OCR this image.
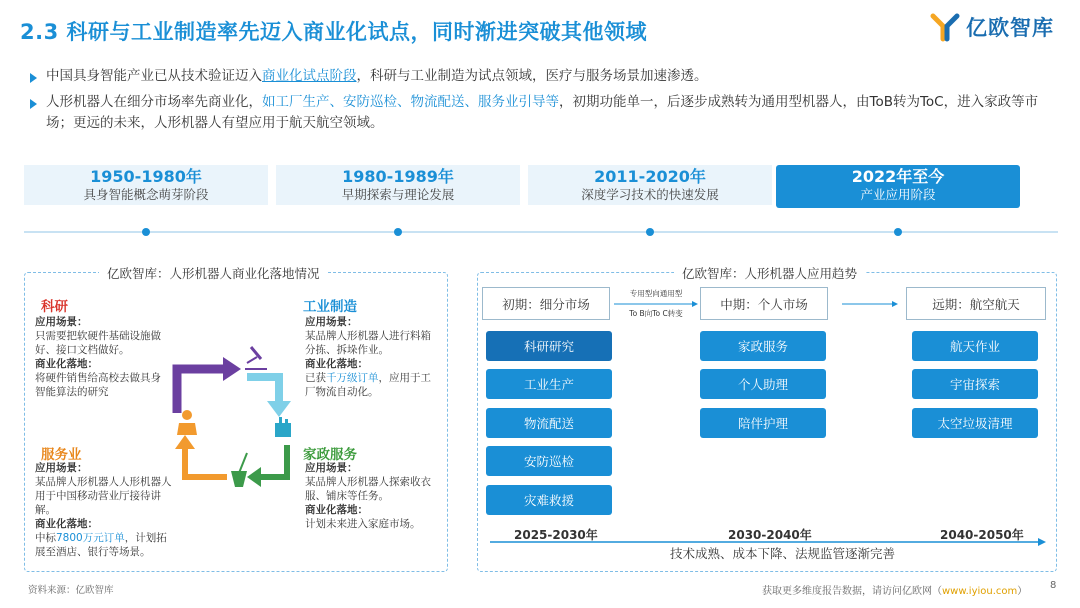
2.3 科研与工业制造率先迈入商业化试点，同时渐进突破其他领域	亿欧智库
中国具身智能产业已从技术验证迈入商业化试点阶段，科研与工业制造为试点领域，医疗与服务场景加速渗透。
人形机器人在细分市场率先商业化，如工厂生产、安防巡检、物流配送、服务业引导等，初期功能单一，后逐步成熟转为通用型机器人，由ToB转为ToC，进入家政等市场；更远的未来，人形机器人有望应用于航天航空领域。
1950-1980年
具身智能概念萌芽阶段
1980-1989年
早期探索与理论发展
2011-2020年
深度学习技术的快速发展
2022年至今
产业应用阶段
亿欧智库：人形机器人商业化落地情况
科研
应用场景：
只需要把软硬件基础设施做好、接口文档做好。
商业化落地：
将硬件销售给高校去做具身智能算法的研究
工业制造
应用场景：
某品牌人形机器人进行料箱分拣、拆垛作业。
商业化落地：
已获千万级订单，应用于工厂物流自动化。
服务业
应用场景：
某品牌人形机器人人形机器人用于中国移动营业厅接待讲解。
商业化落地：
中标7800万元订单，计划拓展至酒店、银行等场景。
家政服务
应用场景：
某品牌人形机器人探索收衣服、铺床等任务。
商业化落地：
计划未来进入家庭市场。
亿欧智库：人形机器人应用趋势
初期：细分市场	中期：个人市场	远期：航空航天
专用型向通用型
To B向To C转变
科研研究
工业生产
物流配送
安防巡检
灾难救援
家政服务
个人助理
陪伴护理
航天作业
宇宙探索
太空垃圾清理
2025-2030年	2030-2040年	2040-2050年
技术成熟、成本下降、法规监管逐渐完善
资料来源：亿欧智库	获取更多维度报告数据，请访问亿欧网（www.iyiou.com）
8
